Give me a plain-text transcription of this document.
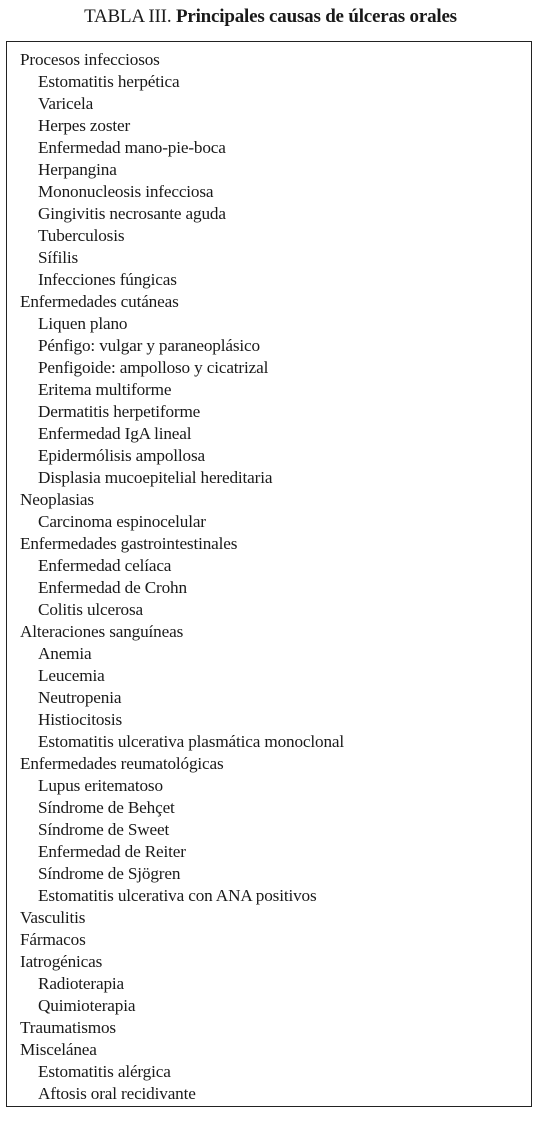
TABLA III. Principales causas de úlceras orales
Procesos infecciosos
Estomatitis herpética
Varicela
Herpes zoster
Enfermedad mano-pie-boca
Herpangina
Mononucleosis infecciosa
Gingivitis necrosante aguda
Tuberculosis
Sífilis
Infecciones fúngicas
Enfermedades cutáneas
Liquen plano
Pénfigo: vulgar y paraneoplásico
Penfigoide: ampolloso y cicatrizal
Eritema multiforme
Dermatitis herpetiforme
Enfermedad IgA lineal
Epidermólisis ampollosa
Displasia mucoepitelial hereditaria
Neoplasias
Carcinoma espinocelular
Enfermedades gastrointestinales
Enfermedad celíaca
Enfermedad de Crohn
Colitis ulcerosa
Alteraciones sanguíneas
Anemia
Leucemia
Neutropenia
Histiocitosis
Estomatitis ulcerativa plasmática monoclonal
Enfermedades reumatológicas
Lupus eritematoso
Síndrome de Behçet
Síndrome de Sweet
Enfermedad de Reiter
Síndrome de Sjögren
Estomatitis ulcerativa con ANA positivos
Vasculitis
Fármacos
Iatrogénicas
Radioterapia
Quimioterapia
Traumatismos
Miscelánea
Estomatitis alérgica
Aftosis oral recidivante
